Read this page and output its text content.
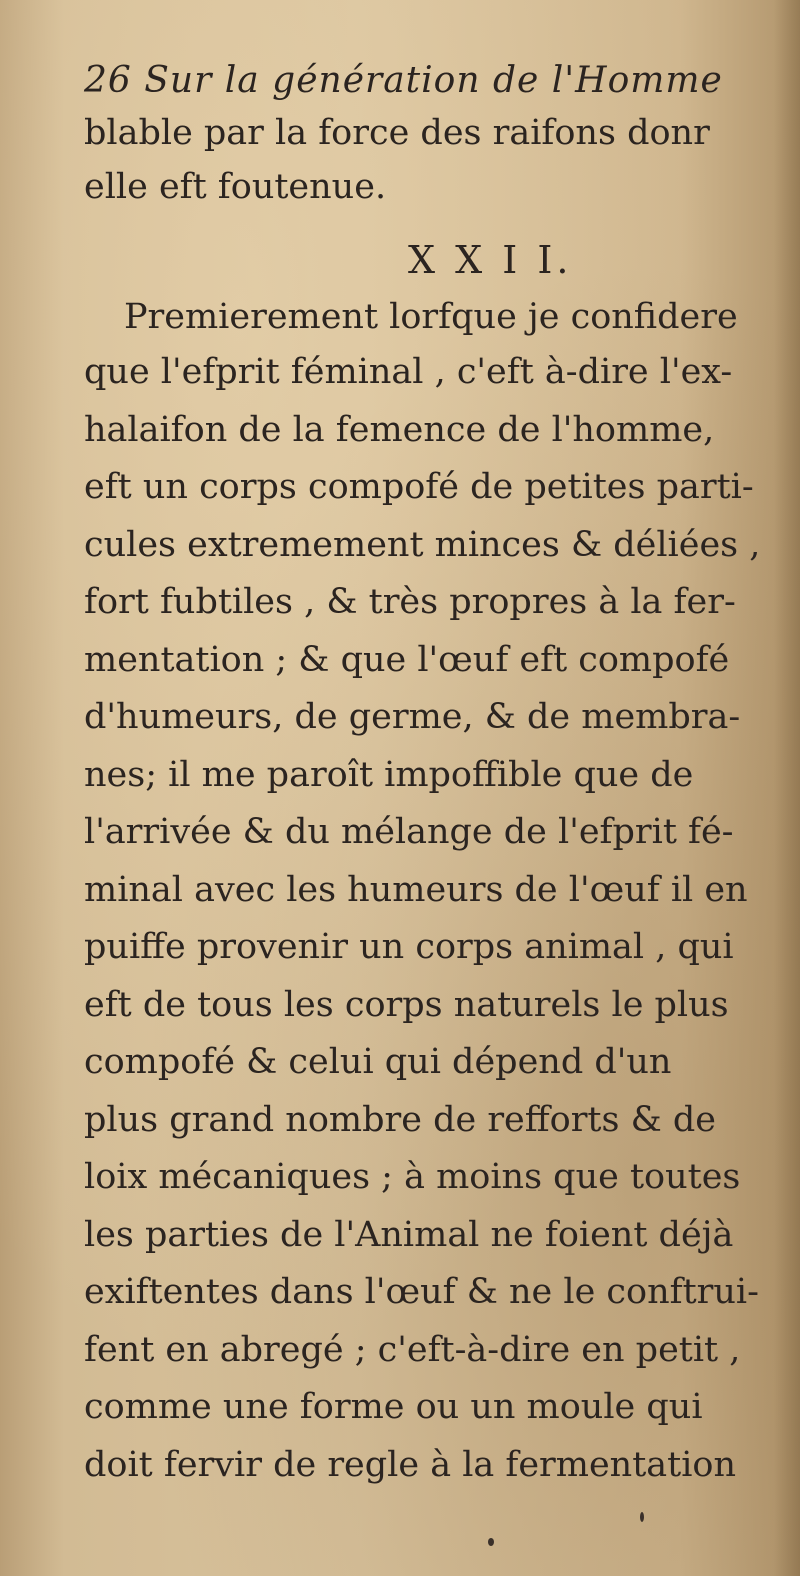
26 Sur la génération de l'Homme
blable par la force des raifons donr
elle eft foutenue.
X X I I.
Premierement lorfque je confidere
que l'efprit féminal , c'eft à-dire l'ex-
halaifon de la femence de l'homme,
eft un corps compofé de petites parti-
cules extremement minces & déliées ,
fort fubtiles , & très propres à la fer-
mentation ; & que l'œuf eft compofé
d'humeurs, de germe, & de membra-
nes; il me paroît impoffible que de
l'arrivée & du mélange de l'efprit fé-
minal avec les humeurs de l'œuf il en
puiffe provenir un corps animal , qui
eft de tous les corps naturels le plus
compofé & celui qui dépend d'un
plus grand nombre de refforts & de
loix mécaniques ; à moins que toutes
les parties de l'Animal ne foient déjà
exiftentes dans l'œuf & ne le conftrui-
fent en abregé ; c'eft-à-dire en petit ,
comme une forme ou un moule qui
doit fervir de regle à la fermentation
